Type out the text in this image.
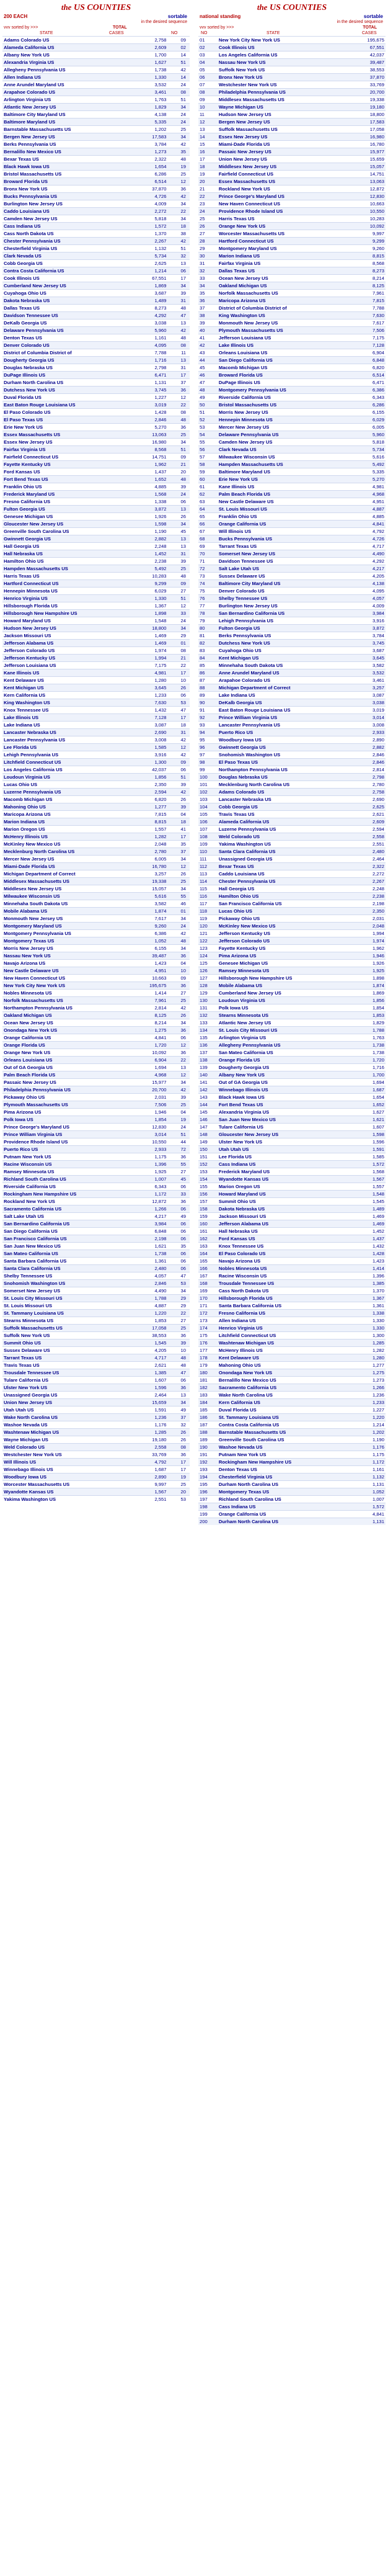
the US COUNTIES
200 EACH	sortable
in the desired sequence
vvv sorted by >>>	TOTAL
STATE	CASES	NO
Adams Colorado US	2,758	09
Alameda California US	2,609	02
Albany New York US	1,700	14
Alexandria Virginia US	1,627	51
Allegheny Pennsylvania US	1,738	42
Allen Indiana US	1,330	14
Anne Arundel Maryland US	3,532	24
Arapahoe Colorado US	3,461	08
Arlington Virginia US	1,763	51
Atlantic New Jersey US	1,829	34
Baltimore City Maryland US	4,138	24
Baltimore Maryland US	5,335	24
Barnstable Massachusetts US	1,202	25
Bergen New Jersey US	17,583	34
Berks Pennsylvania US	3,784	42
Bernalillo New Mexico US	1,273	35
Bexar Texas US	2,322	48
Black Hawk Iowa US	1,654	19
Bristol Massachusetts US	6,286	25
Broward Florida US	6,514	12
Bronx New York US	37,870	36
Bucks Pennsylvania US	4,726	42
Burlington New Jersey US	4,009	34
Caddo Louisiana US	2,272	22
Camden New Jersey US	5,818	34
Cass Indiana US	1,572	18
Cass North Dakota US	1,370	38
Chester Pennsylvania US	2,267	42
Chesterfield Virginia US	1,132	51
Clark Nevada US	5,734	32
Cobb Georgia US	2,625	13
Contra Costa California US	1,214	06
Cook Illinois US	67,551	17
Cumberland New Jersey US	1,869	34
Cuyahoga Ohio US	3,687	39
Dakota Nebraska US	1,489	31
Dallas Texas US	8,273	48
Davidson Tennessee US	4,292	47
DeKalb Georgia US	3,038	13
Delaware Pennsylvania US	5,960	42
Denton Texas US	1,161	48
Denver Colorado US	4,095	08
District of Columbia District of	7,788	11
Dougherty Georgia US	1,716	13
Douglas Nebraska US	2,798	31
DuPage Illinois US	6,471	17
Durham North Carolina US	1,131	37
Dutchess New York US	3,745	36
Duval Florida US	1,227	12
East Baton Rouge Louisiana US	3,019	22
El Paso Colorado US	1,428	08
El Paso Texas US	2,846	48
Erie New York US	5,270	36
Essex Massachusetts US	13,063	25
Essex New Jersey US	16,980	34
Fairfax Virginia US	8,568	51
Fairfield Connecticut US	14,751	09
Fayette Kentucky US	1,962	21
Ford Kansas US	1,437	20
Fort Bend Texas US	1,652	48
Franklin Ohio US	4,885	39
Frederick Maryland US	1,568	24
Fresno California US	1,338	06
Fulton Georgia US	3,872	13
Genesee Michigan US	1,926	26
Gloucester New Jersey US	1,598	34
Greenville South Carolina US	1,190	45
Gwinnett Georgia US	2,882	13
Hall Georgia US	2,248	13
Hall Nebraska US	1,452	31
Hamilton Ohio US	2,238	39
Hampden Massachusetts US	5,492	25
Harris Texas US	10,283	48
Hartford Connecticut US	9,299	09
Hennepin Minnesota US	6,029	27
Henrico Virginia US	1,330	51
Hillsborough Florida US	1,367	12
Hillsborough New Hampshire US	1,898	33
Howard Maryland US	1,548	24
Hudson New Jersey US	18,800	34
Jackson Missouri US	1,469	29
Jefferson Alabama US	1,469	01
Jefferson Colorado US	1,974	08
Jefferson Kentucky US	1,994	21
Jefferson Louisiana US	7,175	22
Kane Illinois US	4,981	17
Kent Delaware US	1,280	10
Kent Michigan US	3,645	26
Kern California US	1,233	06
King Washington US	7,630	53
Knox Tennessee US	1,432	47
Lake Illinois US	7,128	17
Lake Indiana US	3,087	18
Lancaster Nebraska US	2,690	31
Lancaster Pennsylvania US	3,008	42
Lee Florida US	1,585	12
Lehigh Pennsylvania US	3,916	42
Litchfield Connecticut US	1,300	09
Los Angeles California US	42,037	06
Loudoun Virginia US	1,856	51
Lucas Ohio US	2,350	39
Luzerne Pennsylvania US	2,594	42
Macomb Michigan US	6,820	26
Mahoning Ohio US	1,277	39
Maricopa Arizona US	7,815	04
Marion Indiana US	8,815	18
Marion Oregon US	1,557	41
McHenry Illinois US	1,282	17
McKinley New Mexico US	2,048	35
Mecklenburg North Carolina US	2,780	37
Mercer New Jersey US	6,005	34
Miami-Dade Florida US	16,780	12
Michigan Department of Correct	3,257	26
Middlesex Massachusetts US	19,338	25
Middlesex New Jersey US	15,057	34
Milwaukee Wisconsin US	5,616	55
Minnehaha South Dakota US	3,582	46
Mobile Alabama US	1,874	01
Monmouth New Jersey US	7,617	34
Montgomery Maryland US	9,260	24
Montgomery Pennsylvania US	6,386	42
Montgomery Texas US	1,052	48
Morris New Jersey US	6,155	34
Nassau New York US	39,487	36
Navajo Arizona US	1,423	04
New Castle Delaware US	4,951	10
New Haven Connecticut US	10,663	09
New York City New York US	195,675	36
Nobles Minnesota US	1,414	27
Norfolk Massachusetts US	7,961	25
Northampton Pennsylvania US	2,814	42
Oakland Michigan US	8,125	26
Ocean New Jersey US	8,214	34
Onondaga New York US	1,275	36
Orange California US	4,841	06
Orange Florida US	1,720	12
Orange New York US	10,092	36
Orleans Louisiana US	6,904	22
Out of GA Georgia US	1,694	13
Palm Beach Florida US	4,968	12
Passaic New Jersey US	15,977	34
Philadelphia Pennsylvania US	20,700	42
Pickaway Ohio US	2,031	39
Plymouth Massachusetts US	7,506	25
Pima Arizona US	1,946	04
Polk Iowa US	1,854	19
Prince George's Maryland US	12,830	24
Prince William Virginia US	3,014	51
Providence Rhode Island US	10,550	44
Puerto Rico US	2,933	72
Putnam New York US	1,175	36
Racine Wisconsin US	1,396	55
Ramsey Minnesota US	1,925	27
Richland South Carolina US	1,007	45
Riverside California US	6,343	06
Rockingham New Hampshire US	1,172	33
Rockland New York US	12,872	36
Sacramento California US	1,266	06
Salt Lake Utah US	4,217	49
San Bernardino California US	3,984	06
San Diego California US	6,848	06
San Francisco California US	2,198	06
San Juan New Mexico US	1,621	35
San Mateo California US	1,738	06
Santa Barbara California US	1,361	06
Santa Clara California US	2,480	06
Shelby Tennessee US	4,057	47
Snohomish Washington US	2,846	53
Somerset New Jersey US	4,490	34
St. Louis City Missouri US	1,788	29
St. Louis Missouri US	4,887	29
St. Tammany Louisiana US	1,220	22
Stearns Minnesota US	1,853	27
Suffolk Massachusetts US	17,058	25
Suffolk New York US	38,553	36
Summit Ohio US	1,545	39
Sussex Delaware US	4,205	10
Tarrant Texas US	4,717	48
Travis Texas US	2,621	48
Trousdale Tennessee US	1,385	47
Tulare California US	1,607	06
Ulster New York US	1,596	36
Unassigned Georgia US	2,464	13
Union New Jersey US	15,659	34
Utah Utah US	1,591	49
Wake North Carolina US	1,236	37
Washoe Nevada US	1,176	32
Washtenaw Michigan US	1,285	26
Wayne Michigan US	19,180	26
Weld Colorado US	2,558	08
Westchester New York US	33,769	36
Will Illinois US	4,792	17
Winnebago Illinois US	1,687	17
Woodbury Iowa US	2,890	19
Worcester Massachusetts US	9,997	25
Wyandotte Kansas US	1,567	20
Yakima Washington US	2,551	53
the US COUNTIES
national standing	sortable
in the desired sequence
vvv sorted by >>>	TOTAL
NO	STATE	CASES
01	New York City New York US	195,675
02	Cook Illinois US	67,551
03	Los Angeles California US	42,037
04	Nassau New York US	39,487
05	Suffolk New York US	38,553
06	Bronx New York US	37,870
07	Westchester New York US	33,769
08	Philadelphia Pennsylvania US	20,700
09	Middlesex Massachusetts US	19,338
10	Wayne Michigan US	19,180
11	Hudson New Jersey US	18,800
12	Bergen New Jersey US	17,583
13	Suffolk Massachusetts US	17,058
14	Essex New Jersey US	16,980
15	Miami-Dade Florida US	16,780
16	Passaic New Jersey US	15,977
17	Union New Jersey US	15,659
18	Middlesex New Jersey US	15,057
19	Fairfield Connecticut US	14,751
20	Essex Massachusetts US	13,063
21	Rockland New York US	12,872
22	Prince George's Maryland US	12,830
23	New Haven Connecticut US	10,663
24	Providence Rhode Island US	10,550
25	Harris Texas US	10,283
26	Orange New York US	10,092
27	Worcester Massachusetts US	9,997
28	Hartford Connecticut US	9,299
29	Montgomery Maryland US	9,260
30	Marion Indiana US	8,815
31	Fairfax Virginia US	8,568
32	Dallas Texas US	8,273
33	Ocean New Jersey US	8,214
34	Oakland Michigan US	8,125
35	Norfolk Massachusetts US	7,961
36	Maricopa Arizona US	7,815
37	District of Columbia District of	7,788
38	King Washington US	7,630
39	Monmouth New Jersey US	7,617
40	Plymouth Massachusetts US	7,506
41	Jefferson Louisiana US	7,175
42	Lake Illinois US	7,128
43	Orleans Louisiana US	6,904
44	San Diego California US	6,848
45	Macomb Michigan US	6,820
46	Broward Florida US	6,514
47	DuPage Illinois US	6,471
48	Montgomery Pennsylvania US	6,386
49	Riverside California US	6,343
50	Bristol Massachusetts US	6,286
51	Morris New Jersey US	6,155
52	Hennepin Minnesota US	6,029
53	Mercer New Jersey US	6,005
54	Delaware Pennsylvania US	5,960
55	Camden New Jersey US	5,818
56	Clark Nevada US	5,734
57	Milwaukee Wisconsin US	5,616
58	Hampden Massachusetts US	5,492
59	Baltimore Maryland US	5,335
60	Erie New York US	5,270
61	Kane Illinois US	4,981
62	Palm Beach Florida US	4,968
63	New Castle Delaware US	4,951
64	St. Louis Missouri US	4,887
65	Franklin Ohio US	4,885
66	Orange California US	4,841
67	Will Illinois US	4,792
68	Bucks Pennsylvania US	4,726
69	Tarrant Texas US	4,717
70	Somerset New Jersey US	4,490
71	Davidson Tennessee US	4,292
72	Salt Lake Utah US	4,217
73	Sussex Delaware US	4,205
74	Baltimore City Maryland US	4,138
75	Denver Colorado US	4,095
76	Shelby Tennessee US	4,057
77	Burlington New Jersey US	4,009
78	San Bernardino California US	3,984
79	Lehigh Pennsylvania US	3,916
80	Fulton Georgia US	3,872
81	Berks Pennsylvania US	3,784
82	Dutchess New York US	3,745
83	Cuyahoga Ohio US	3,687
84	Kent Michigan US	3,645
85	Minnehaha South Dakota US	3,582
86	Anne Arundel Maryland US	3,532
87	Arapahoe Colorado US	3,461
88	Michigan Department of Correct	3,257
89	Lake Indiana US	3,087
90	DeKalb Georgia US	3,038
91	East Baton Rouge Louisiana US	3,019
92	Prince William Virginia US	3,014
93	Lancaster Pennsylvania US	3,008
94	Puerto Rico US	2,933
95	Woodbury Iowa US	2,890
96	Gwinnett Georgia US	2,882
97	Snohomish Washington US	2,846
98	El Paso Texas US	2,846
99	Northampton Pennsylvania US	2,814
100	Douglas Nebraska US	2,798
101	Mecklenburg North Carolina US	2,780
102	Adams Colorado US	2,758
103	Lancaster Nebraska US	2,690
104	Cobb Georgia US	2,625
105	Travis Texas US	2,621
106	Alameda California US	2,609
107	Luzerne Pennsylvania US	2,594
108	Weld Colorado US	2,558
109	Yakima Washington US	2,551
110	Santa Clara California US	2,480
111	Unassigned Georgia US	2,464
112	Bexar Texas US	2,322
113	Caddo Louisiana US	2,272
114	Chester Pennsylvania US	2,267
115	Hall Georgia US	2,248
116	Hamilton Ohio US	2,238
117	San Francisco California US	2,198
118	Lucas Ohio US	2,350
119	Pickaway Ohio US	2,031
120	McKinley New Mexico US	2,048
121	Jefferson Kentucky US	1,994
122	Jefferson Colorado US	1,974
123	Fayette Kentucky US	1,962
124	Pima Arizona US	1,946
125	Genesee Michigan US	1,926
126	Ramsey Minnesota US	1,925
127	Hillsborough New Hampshire US	1,898
128	Mobile Alabama US	1,874
129	Cumberland New Jersey US	1,869
130	Loudoun Virginia US	1,856
131	Polk Iowa US	1,854
132	Stearns Minnesota US	1,853
133	Atlantic New Jersey US	1,829
134	St. Louis City Missouri US	1,788
135	Arlington Virginia US	1,763
136	Allegheny Pennsylvania US	1,738
137	San Mateo California US	1,738
138	Orange Florida US	1,720
139	Dougherty Georgia US	1,716
140	Albany New York US	1,700
141	Out of GA Georgia US	1,694
142	Winnebago Illinois US	1,687
143	Black Hawk Iowa US	1,654
144	Fort Bend Texas US	1,652
145	Alexandria Virginia US	1,627
146	San Juan New Mexico US	1,621
147	Tulare California US	1,607
148	Gloucester New Jersey US	1,598
149	Ulster New York US	1,596
150	Utah Utah US	1,591
151	Lee Florida US	1,585
152	Cass Indiana US	1,572
153	Frederick Maryland US	1,568
154	Wyandotte Kansas US	1,567
155	Marion Oregon US	1,557
156	Howard Maryland US	1,548
157	Summit Ohio US	1,545
158	Dakota Nebraska US	1,489
159	Jackson Missouri US	1,469
160	Jefferson Alabama US	1,469
161	Hall Nebraska US	1,452
162	Ford Kansas US	1,437
163	Knox Tennessee US	1,432
164	El Paso Colorado US	1,428
165	Navajo Arizona US	1,423
166	Nobles Minnesota US	1,414
167	Racine Wisconsin US	1,396
168	Trousdale Tennessee US	1,385
169	Cass North Dakota US	1,370
170	Hillsborough Florida US	1,367
171	Santa Barbara California US	1,361
172	Fresno California US	1,338
173	Allen Indiana US	1,330
174	Henrico Virginia US	1,330
175	Litchfield Connecticut US	1,300
176	Washtenaw Michigan US	1,285
177	McHenry Illinois US	1,282
178	Kent Delaware US	1,280
179	Mahoning Ohio US	1,277
180	Onondaga New York US	1,275
181	Bernalillo New Mexico US	1,273
182	Sacramento California US	1,266
183	Wake North Carolina US	1,236
184	Kern California US	1,233
185	Duval Florida US	1,227
186	St. Tammany Louisiana US	1,220
187	Contra Costa California US	1,214
188	Barnstable Massachusetts US	1,202
189	Greenville South Carolina US	1,190
190	Washoe Nevada US	1,176
191	Putnam New York US	1,175
192	Rockingham New Hampshire US	1,172
193	Denton Texas US	1,161
194	Chesterfield Virginia US	1,132
195	Durham North Carolina US	1,131
196	Montgomery Texas US	1,052
197	Richland South Carolina US	1,007
198	Cass Indiana US	1,572
199	Orange California US	4,841
200	Durham North Carolina US	1,131
